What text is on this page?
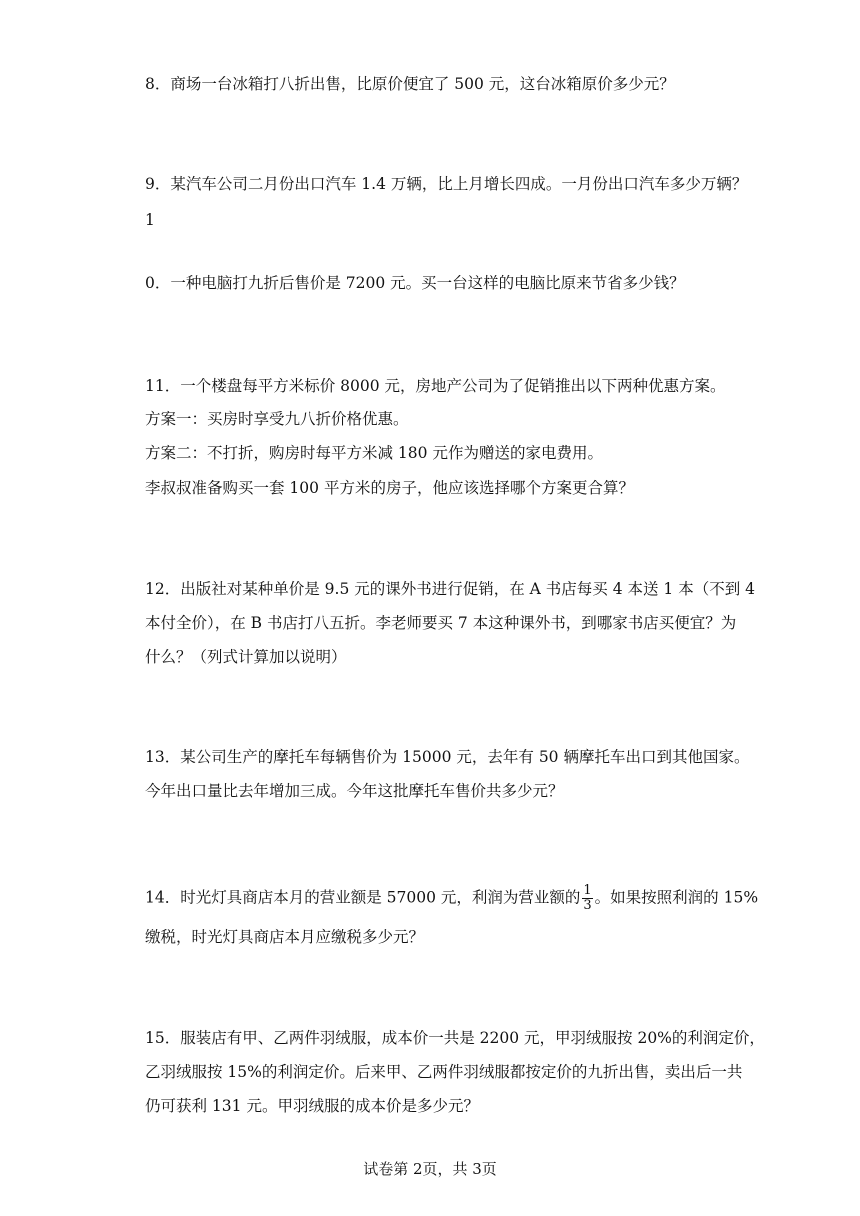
8．商场一台冰箱打八折出售，比原价便宜了 500 元，这台冰箱原价多少元？
9．某汽车公司二月份出口汽车 1.4 万辆，比上月增长四成。一月份出口汽车多少万辆？
1
0．一种电脑打九折后售价是 7200 元。买一台这样的电脑比原来节省多少钱？
11．一个楼盘每平方米标价 8000 元，房地产公司为了促销推出以下两种优惠方案。
方案一：买房时享受九八折价格优惠。
方案二：不打折，购房时每平方米减 180 元作为赠送的家电费用。
李叔叔准备购买一套 100 平方米的房子，他应该选择哪个方案更合算？
12．出版社对某种单价是 9.5 元的课外书进行促销，在 A 书店每买 4 本送 1 本（不到 4
本付全价），在 B 书店打八五折。李老师要买 7 本这种课外书，到哪家书店买便宜？为
什么？（列式计算加以说明）
13．某公司生产的摩托车每辆售价为 15000 元，去年有 50 辆摩托车出口到其他国家。
今年出口量比去年增加三成。今年这批摩托车售价共多少元？
14．时光灯具商店本月的营业额是 57000 元，利润为营业额的 $\frac{1}{3}$ 。如果按照利润的 15%
缴税，时光灯具商店本月应缴税多少元？
15．服装店有甲、乙两件羽绒服，成本价一共是 2200 元，甲羽绒服按 20%的利润定价，
乙羽绒服按 15%的利润定价。后来甲、乙两件羽绒服都按定价的九折出售，卖出后一共
仍可获利 131 元。甲羽绒服的成本价是多少元？
试卷第 2页，共 3页
